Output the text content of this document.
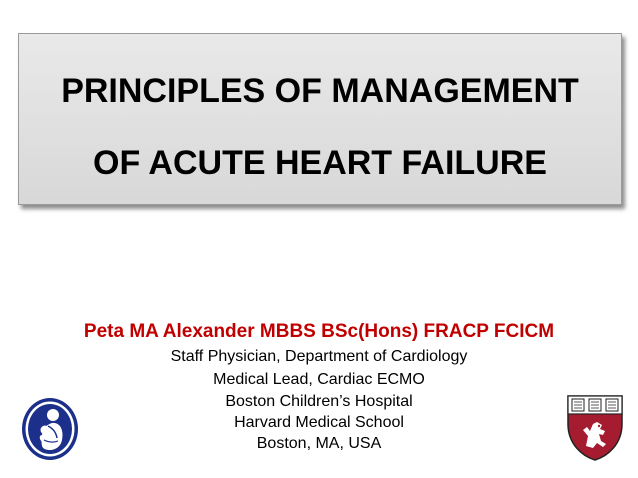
PRINCIPLES OF MANAGEMENT
OF ACUTE HEART FAILURE
Peta MA Alexander MBBS BSc(Hons) FRACP FCICM
Staff Physician, Department of Cardiology
Medical Lead, Cardiac ECMO
Boston Children’s Hospital
Harvard Medical School
Boston, MA, USA
